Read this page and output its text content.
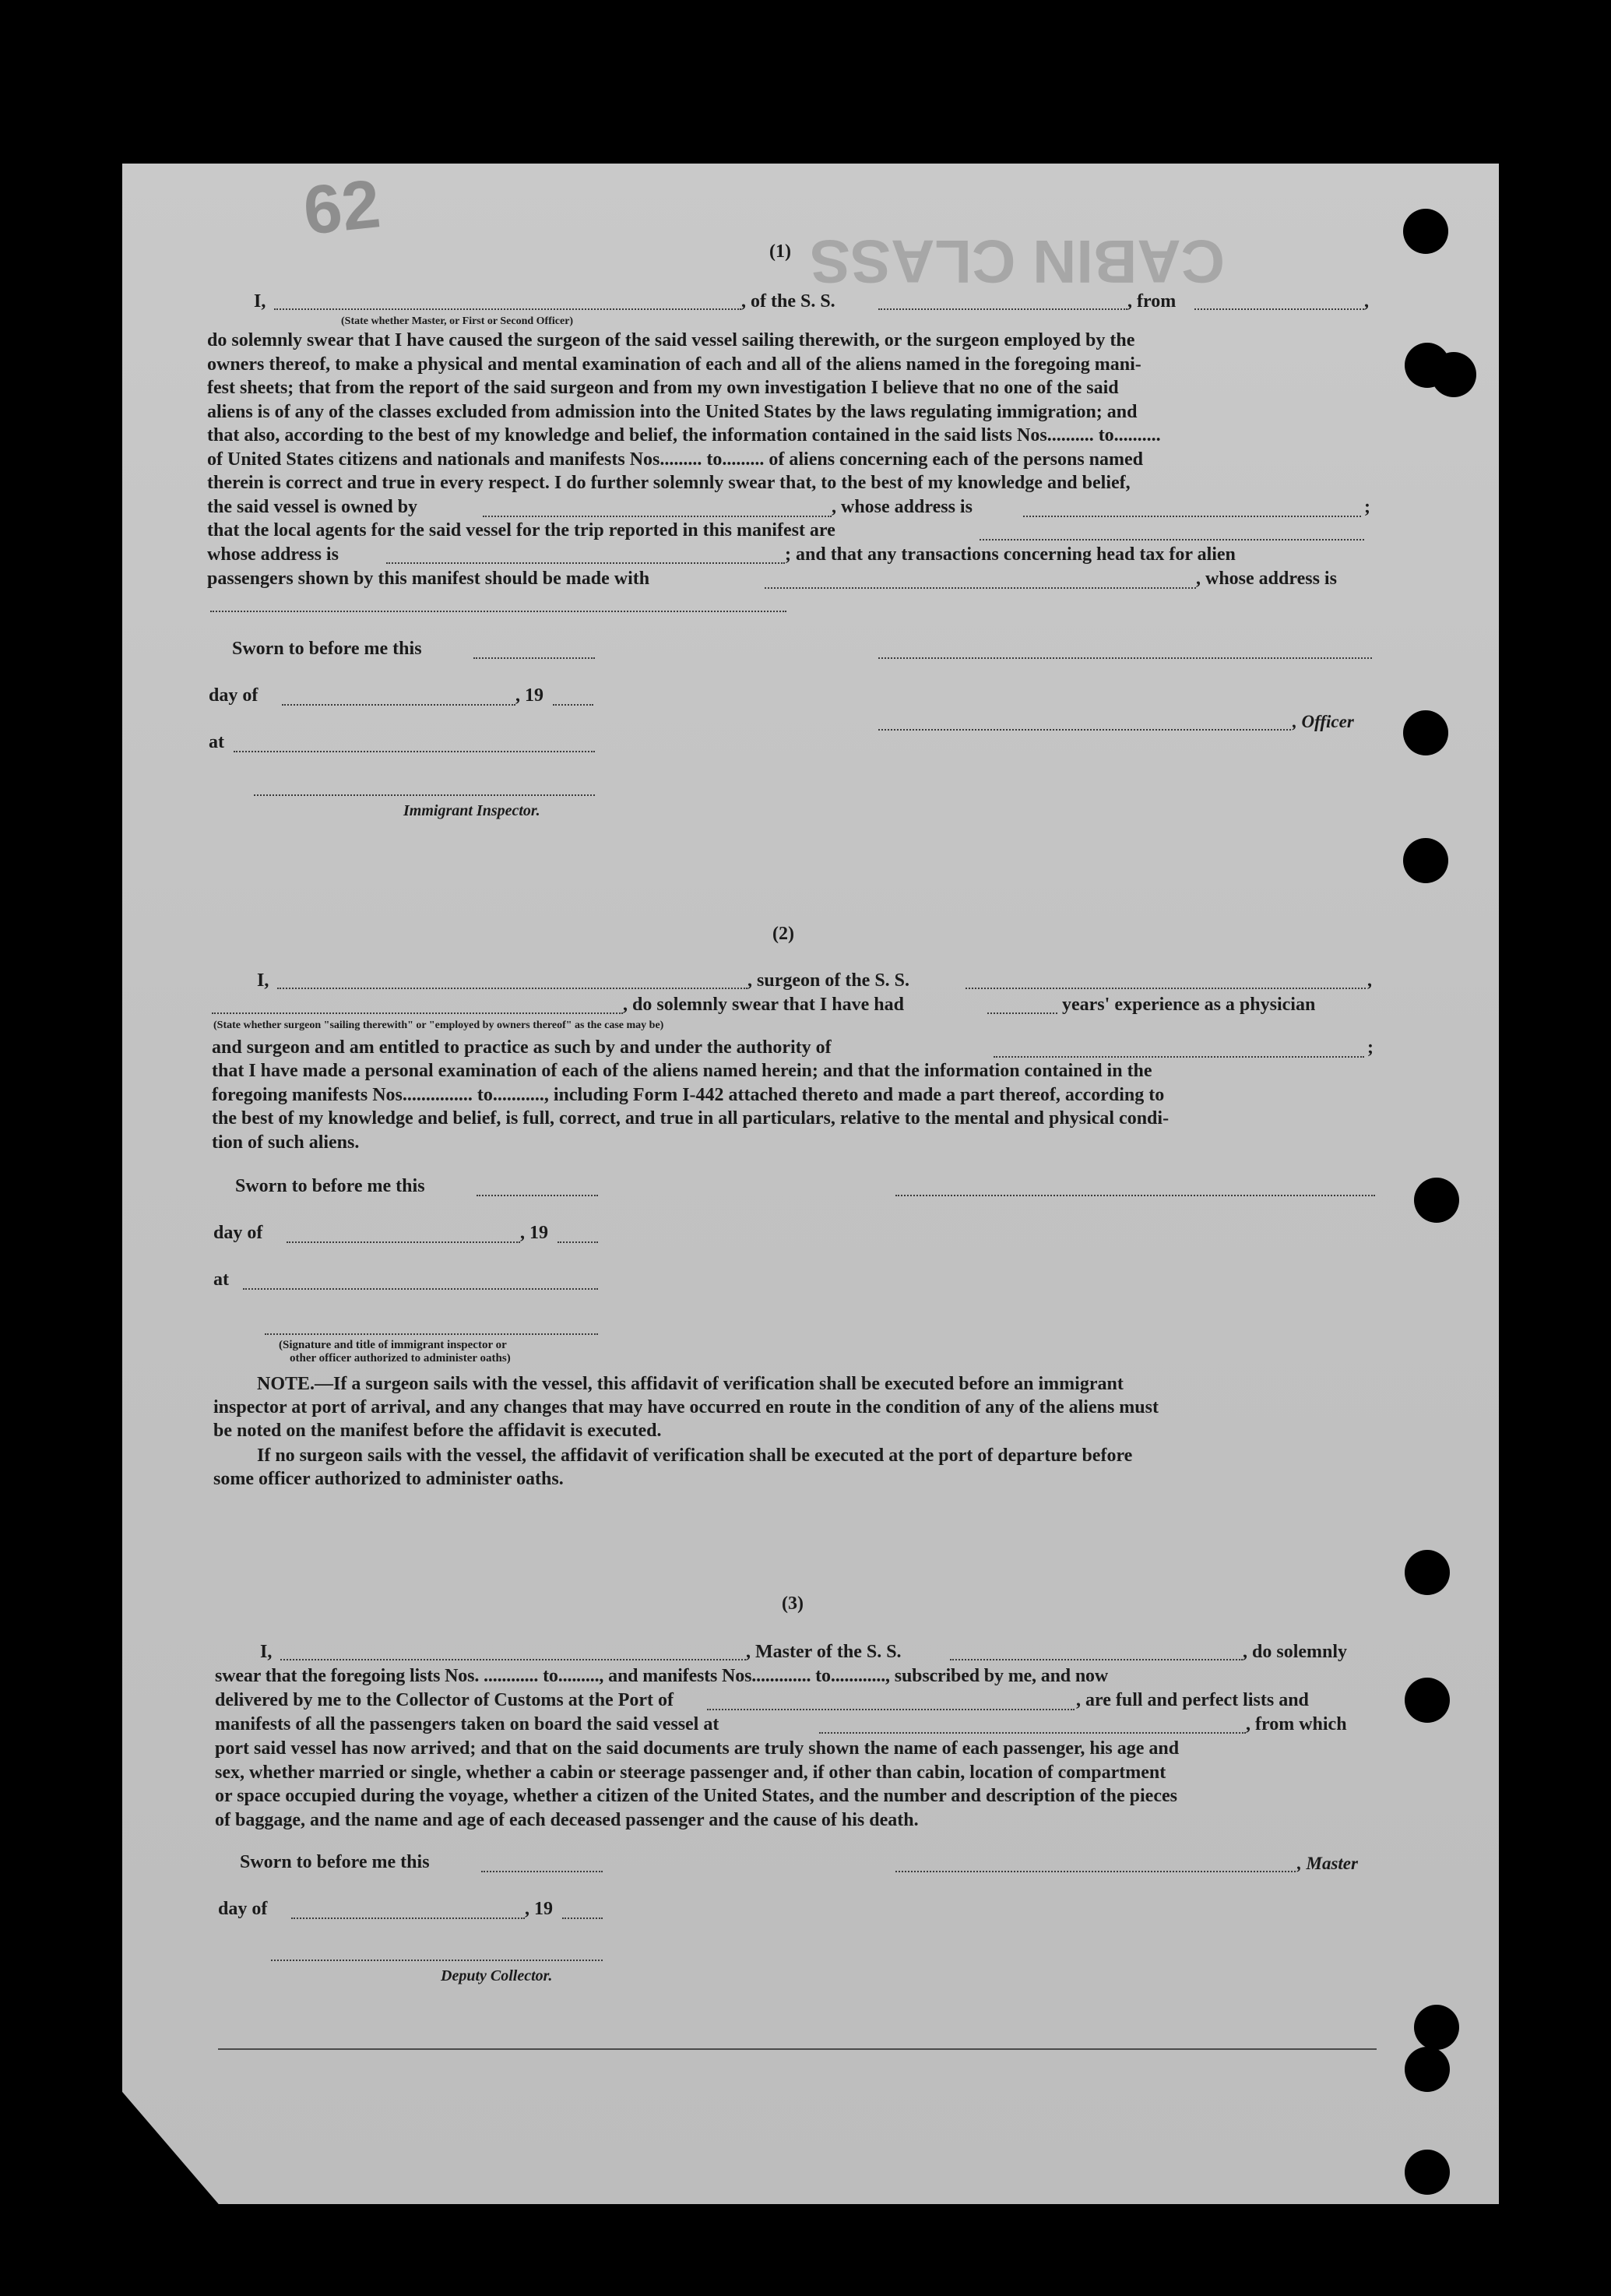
CABIN CLASS
62
(1)
I,	, of the S. S.	, from	,
(State whether Master, or First or Second Officer)
do solemnly swear that I have caused the surgeon of the said vessel sailing therewith, or the surgeon employed by the
owners thereof, to make a physical and mental examination of each and all of the aliens named in the foregoing mani-
fest sheets; that from the report of the said surgeon and from my own investigation I believe that no one of the said
aliens is of any of the classes excluded from admission into the United States by the laws regulating immigration; and
that also, according to the best of my knowledge and belief, the information contained in the said lists Nos.......... to..........
of United States citizens and nationals and manifests Nos......... to......... of aliens concerning each of the persons named
therein is correct and true in every respect. I do further solemnly swear that, to the best of my knowledge and belief,
the said vessel is owned by	, whose address is	;
that the local agents for the said vessel for the trip reported in this manifest are
whose address is	; and that any transactions concerning head tax for alien
passengers shown by this manifest should be made with	, whose address is
Sworn to before me this
day of	, 19
, Officer
at
Immigrant Inspector.
(2)
I,	, surgeon of the S. S.	,
, do solemnly swear that I have had	years' experience as a physician
(State whether surgeon "sailing therewith" or "employed by owners thereof" as the case may be)
and surgeon and am entitled to practice as such by and under the authority of	;
that I have made a personal examination of each of the aliens named herein; and that the information contained in the
foregoing manifests Nos............... to..........., including Form I-442 attached thereto and made a part thereof, according to
the best of my knowledge and belief, is full, correct, and true in all particulars, relative to the mental and physical condi-
tion of such aliens.
Sworn to before me this
day of	, 19
at
(Signature and title of immigrant inspector or
other officer authorized to administer oaths)
NOTE.—If a surgeon sails with the vessel, this affidavit of verification shall be executed before an immigrant
inspector at port of arrival, and any changes that may have occurred en route in the condition of any of the aliens must
be noted on the manifest before the affidavit is executed.
If no surgeon sails with the vessel, the affidavit of verification shall be executed at the port of departure before
some officer authorized to administer oaths.
(3)
I,	, Master of the S. S.	, do solemnly
swear that the foregoing lists Nos. ............ to........., and manifests Nos............. to............, subscribed by me, and now
delivered by me to the Collector of Customs at the Port of	, are full and perfect lists and
manifests of all the passengers taken on board the said vessel at	, from which
port said vessel has now arrived; and that on the said documents are truly shown the name of each passenger, his age and
sex, whether married or single, whether a cabin or steerage passenger and, if other than cabin, location of compartment
or space occupied during the voyage, whether a citizen of the United States, and the number and description of the pieces
of baggage, and the name and age of each deceased passenger and the cause of his death.
Sworn to before me this	, Master
day of	, 19
Deputy Collector.
